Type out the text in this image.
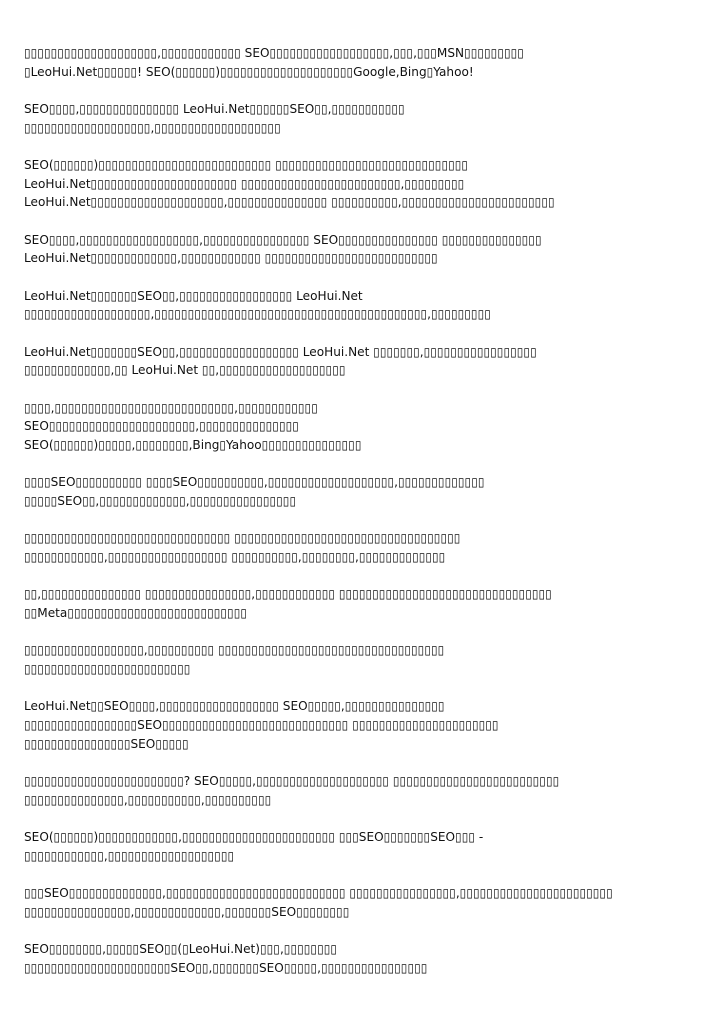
▯▯▯▯▯▯▯▯▯▯▯▯▯▯▯▯▯▯▯▯,▯▯▯▯▯▯▯▯▯▯▯▯ SEO▯▯▯▯▯▯▯▯▯▯▯▯▯▯▯▯▯▯,▯▯▯,▯▯▯MSN▯▯▯▯▯▯▯▯▯
▯LeoHui.Net▯▯▯▯▯▯! SEO(▯▯▯▯▯▯)▯▯▯▯▯▯▯▯▯▯▯▯▯▯▯▯▯▯▯▯Google,Bing▯Yahoo!

SEO▯▯▯▯,▯▯▯▯▯▯▯▯▯▯▯▯▯▯▯ LeoHui.Net▯▯▯▯▯▯SEO▯▯,▯▯▯▯▯▯▯▯▯▯▯
▯▯▯▯▯▯▯▯▯▯▯▯▯▯▯▯▯▯▯,▯▯▯▯▯▯▯▯▯▯▯▯▯▯▯▯▯▯▯

SEO(▯▯▯▯▯▯)▯▯▯▯▯▯▯▯▯▯▯▯▯▯▯▯▯▯▯▯▯▯▯▯▯▯ ▯▯▯▯▯▯▯▯▯▯▯▯▯▯▯▯▯▯▯▯▯▯▯▯▯▯▯▯▯
LeoHui.Net▯▯▯▯▯▯▯▯▯▯▯▯▯▯▯▯▯▯▯▯▯▯ ▯▯▯▯▯▯▯▯▯▯▯▯▯▯▯▯▯▯▯▯▯▯▯▯,▯▯▯▯▯▯▯▯▯
LeoHui.Net▯▯▯▯▯▯▯▯▯▯▯▯▯▯▯▯▯▯▯▯,▯▯▯▯▯▯▯▯▯▯▯▯▯▯▯ ▯▯▯▯▯▯▯▯▯▯,▯▯▯▯▯▯▯▯▯▯▯▯▯▯▯▯▯▯▯▯▯▯▯

SEO▯▯▯▯,▯▯▯▯▯▯▯▯▯▯▯▯▯▯▯▯▯▯,▯▯▯▯▯▯▯▯▯▯▯▯▯▯▯▯ SEO▯▯▯▯▯▯▯▯▯▯▯▯▯▯▯ ▯▯▯▯▯▯▯▯▯▯▯▯▯▯▯
LeoHui.Net▯▯▯▯▯▯▯▯▯▯▯▯▯,▯▯▯▯▯▯▯▯▯▯▯▯ ▯▯▯▯▯▯▯▯▯▯▯▯▯▯▯▯▯▯▯▯▯▯▯▯▯▯

LeoHui.Net▯▯▯▯▯▯▯SEO▯▯,▯▯▯▯▯▯▯▯▯▯▯▯▯▯▯▯▯ LeoHui.Net
▯▯▯▯▯▯▯▯▯▯▯▯▯▯▯▯▯▯▯,▯▯▯▯▯▯▯▯▯▯▯▯▯▯▯▯▯▯▯▯▯▯▯▯▯▯▯▯▯▯▯▯▯▯▯▯▯▯▯▯▯,▯▯▯▯▯▯▯▯▯

LeoHui.Net▯▯▯▯▯▯▯SEO▯▯,▯▯▯▯▯▯▯▯▯▯▯▯▯▯▯▯▯▯ LeoHui.Net ▯▯▯▯▯▯▯,▯▯▯▯▯▯▯▯▯▯▯▯▯▯▯▯▯
▯▯▯▯▯▯▯▯▯▯▯▯▯,▯▯ LeoHui.Net ▯▯,▯▯▯▯▯▯▯▯▯▯▯▯▯▯▯▯▯▯▯

▯▯▯▯,▯▯▯▯▯▯▯▯▯▯▯▯▯▯▯▯▯▯▯▯▯▯▯▯▯▯▯,▯▯▯▯▯▯▯▯▯▯▯▯
SEO▯▯▯▯▯▯▯▯▯▯▯▯▯▯▯▯▯▯▯▯▯▯,▯▯▯▯▯▯▯▯▯▯▯▯▯▯▯
SEO(▯▯▯▯▯▯)▯▯▯▯▯,▯▯▯▯▯▯▯▯,Bing▯Yahoo▯▯▯▯▯▯▯▯▯▯▯▯▯▯▯

▯▯▯▯SEO▯▯▯▯▯▯▯▯▯▯ ▯▯▯▯SEO▯▯▯▯▯▯▯▯▯▯,▯▯▯▯▯▯▯▯▯▯▯▯▯▯▯▯▯▯▯,▯▯▯▯▯▯▯▯▯▯▯▯▯
▯▯▯▯▯SEO▯▯,▯▯▯▯▯▯▯▯▯▯▯▯▯,▯▯▯▯▯▯▯▯▯▯▯▯▯▯▯▯

▯▯▯▯▯▯▯▯▯▯▯▯▯▯▯▯▯▯▯▯▯▯▯▯▯▯▯▯▯▯▯ ▯▯▯▯▯▯▯▯▯▯▯▯▯▯▯▯▯▯▯▯▯▯▯▯▯▯▯▯▯▯▯▯▯▯
▯▯▯▯▯▯▯▯▯▯▯▯,▯▯▯▯▯▯▯▯▯▯▯▯▯▯▯▯▯▯ ▯▯▯▯▯▯▯▯▯▯,▯▯▯▯▯▯▯▯,▯▯▯▯▯▯▯▯▯▯▯▯▯

▯▯,▯▯▯▯▯▯▯▯▯▯▯▯▯▯▯ ▯▯▯▯▯▯▯▯▯▯▯▯▯▯▯▯,▯▯▯▯▯▯▯▯▯▯▯▯ ▯▯▯▯▯▯▯▯▯▯▯▯▯▯▯▯▯▯▯▯▯▯▯▯▯▯▯▯▯▯▯▯
▯▯Meta▯▯▯▯▯▯▯▯▯▯▯▯▯▯▯▯▯▯▯▯▯▯▯▯▯▯▯

▯▯▯▯▯▯▯▯▯▯▯▯▯▯▯▯▯▯,▯▯▯▯▯▯▯▯▯▯ ▯▯▯▯▯▯▯▯▯▯▯▯▯▯▯▯▯▯▯▯▯▯▯▯▯▯▯▯▯▯▯▯▯▯
▯▯▯▯▯▯▯▯▯▯▯▯▯▯▯▯▯▯▯▯▯▯▯▯▯

LeoHui.Net▯▯SEO▯▯▯▯,▯▯▯▯▯▯▯▯▯▯▯▯▯▯▯▯▯▯ SEO▯▯▯▯▯,▯▯▯▯▯▯▯▯▯▯▯▯▯▯▯
▯▯▯▯▯▯▯▯▯▯▯▯▯▯▯▯▯SEO▯▯▯▯▯▯▯▯▯▯▯▯▯▯▯▯▯▯▯▯▯▯▯▯▯▯▯▯ ▯▯▯▯▯▯▯▯▯▯▯▯▯▯▯▯▯▯▯▯▯▯
▯▯▯▯▯▯▯▯▯▯▯▯▯▯▯▯SEO▯▯▯▯▯

▯▯▯▯▯▯▯▯▯▯▯▯▯▯▯▯▯▯▯▯▯▯▯▯? SEO▯▯▯▯▯,▯▯▯▯▯▯▯▯▯▯▯▯▯▯▯▯▯▯▯▯ ▯▯▯▯▯▯▯▯▯▯▯▯▯▯▯▯▯▯▯▯▯▯▯▯▯
▯▯▯▯▯▯▯▯▯▯▯▯▯▯▯,▯▯▯▯▯▯▯▯▯▯▯,▯▯▯▯▯▯▯▯▯▯

SEO(▯▯▯▯▯▯)▯▯▯▯▯▯▯▯▯▯▯▯,▯▯▯▯▯▯▯▯▯▯▯▯▯▯▯▯▯▯▯▯▯▯▯ ▯▯▯SEO▯▯▯▯▯▯▯SEO▯▯▯ -
▯▯▯▯▯▯▯▯▯▯▯▯,▯▯▯▯▯▯▯▯▯▯▯▯▯▯▯▯▯▯▯

▯▯▯SEO▯▯▯▯▯▯▯▯▯▯▯▯▯▯,▯▯▯▯▯▯▯▯▯▯▯▯▯▯▯▯▯▯▯▯▯▯▯▯▯▯▯ ▯▯▯▯▯▯▯▯▯▯▯▯▯▯▯▯,▯▯▯▯▯▯▯▯▯▯▯▯▯▯▯▯▯▯▯▯▯▯▯
▯▯▯▯▯▯▯▯▯▯▯▯▯▯▯▯,▯▯▯▯▯▯▯▯▯▯▯▯▯,▯▯▯▯▯▯▯SEO▯▯▯▯▯▯▯▯

SEO▯▯▯▯▯▯▯▯,▯▯▯▯▯SEO▯▯(▯LeoHui.Net)▯▯▯,▯▯▯▯▯▯▯▯
▯▯▯▯▯▯▯▯▯▯▯▯▯▯▯▯▯▯▯▯▯▯SEO▯▯,▯▯▯▯▯▯▯SEO▯▯▯▯▯,▯▯▯▯▯▯▯▯▯▯▯▯▯▯▯▯
